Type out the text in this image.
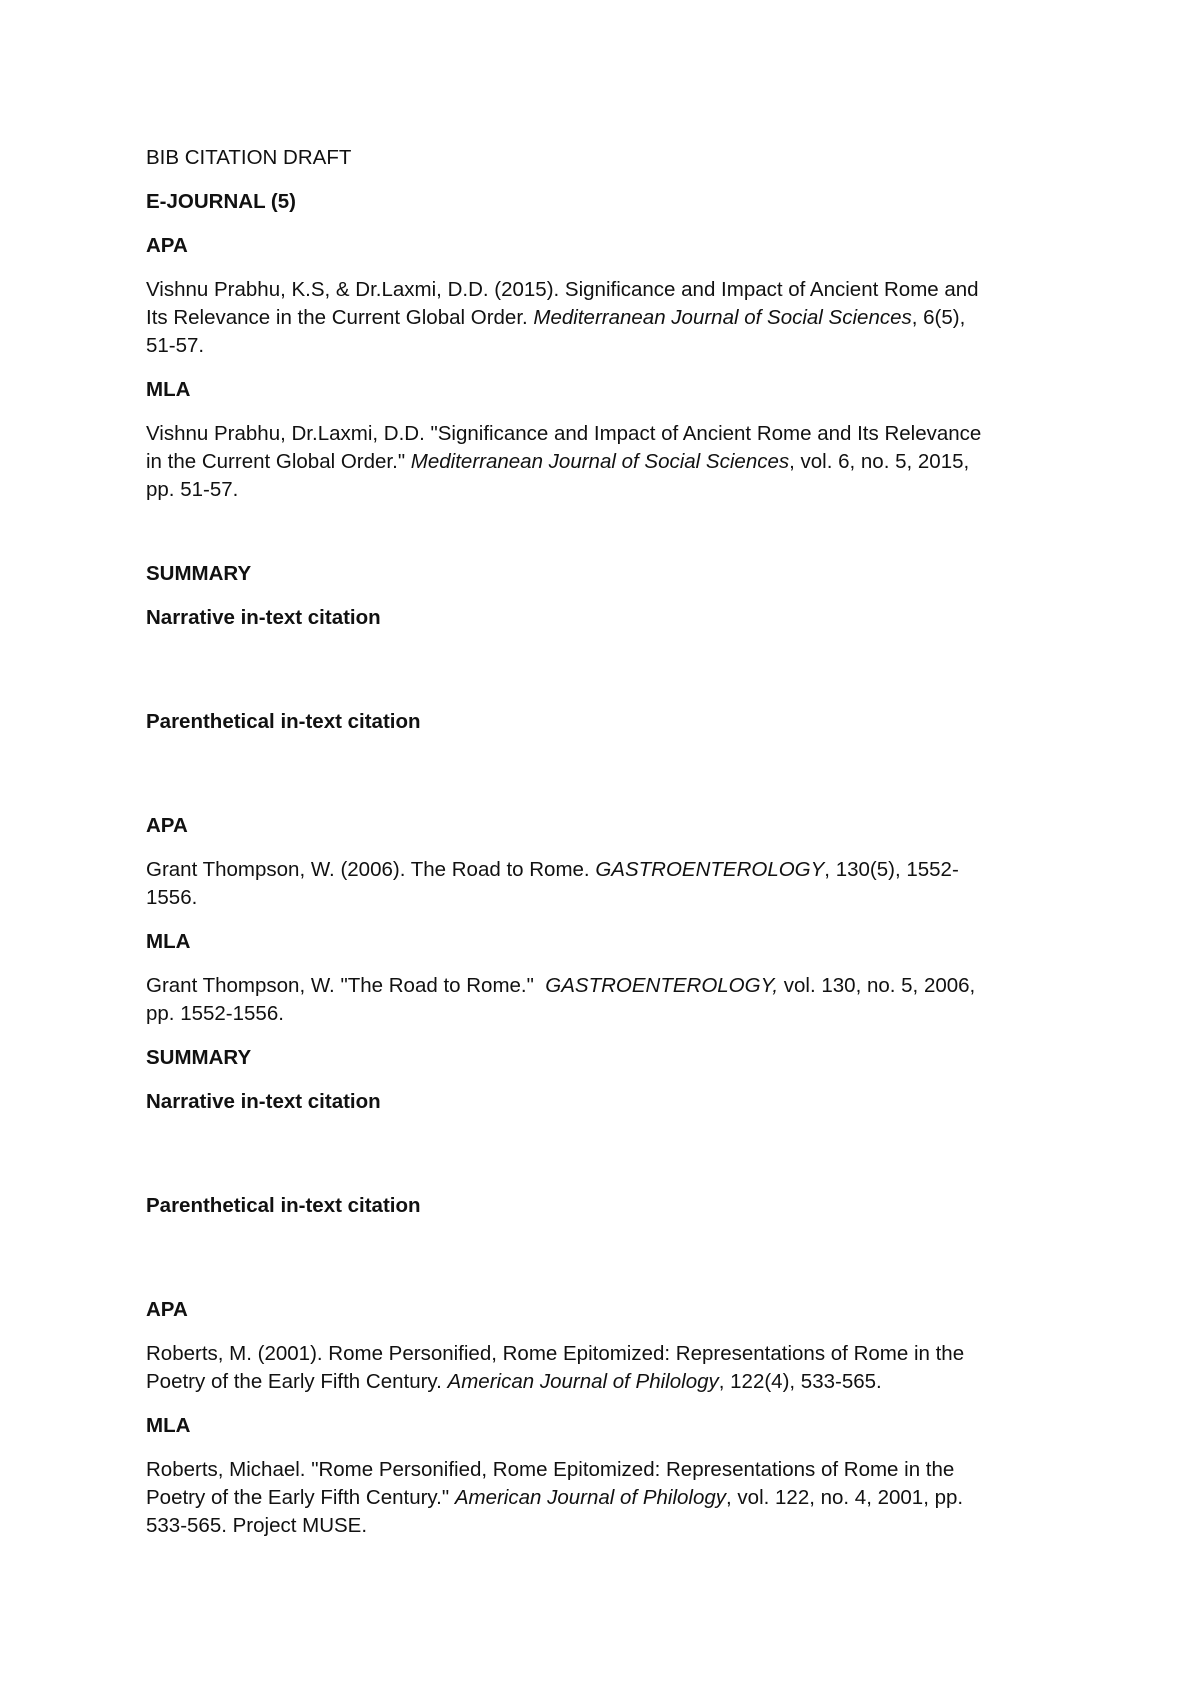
BIB CITATION DRAFT

E-JOURNAL (5)

APA

Vishnu Prabhu, K.S, & Dr.Laxmi, D.D. (2015). Significance and Impact of Ancient Rome and

Its Relevance in the Current Global Order. Mediterranean Journal of Social Sciences, 6(5),

51-57.

MLA

Vishnu Prabhu, Dr.Laxmi, D.D. "Significance and Impact of Ancient Rome and Its Relevance

in the Current Global Order." Mediterranean Journal of Social Sciences, vol. 6, no. 5, 2015,

pp. 51-57.

SUMMARY

Narrative in-text citation

Parenthetical in-text citation

APA

Grant Thompson, W. (2006). The Road to Rome. GASTROENTEROLOGY, 130(5), 1552-

1556.

MLA

Grant Thompson, W. "The Road to Rome."  GASTROENTEROLOGY, vol. 130, no. 5, 2006,

pp. 1552-1556.

SUMMARY

Narrative in-text citation

Parenthetical in-text citation

APA

Roberts, M. (2001). Rome Personified, Rome Epitomized: Representations of Rome in the

Poetry of the Early Fifth Century. American Journal of Philology, 122(4), 533-565.

MLA

Roberts, Michael. "Rome Personified, Rome Epitomized: Representations of Rome in the

Poetry of the Early Fifth Century." American Journal of Philology, vol. 122, no. 4, 2001, pp.

533-565. Project MUSE.
